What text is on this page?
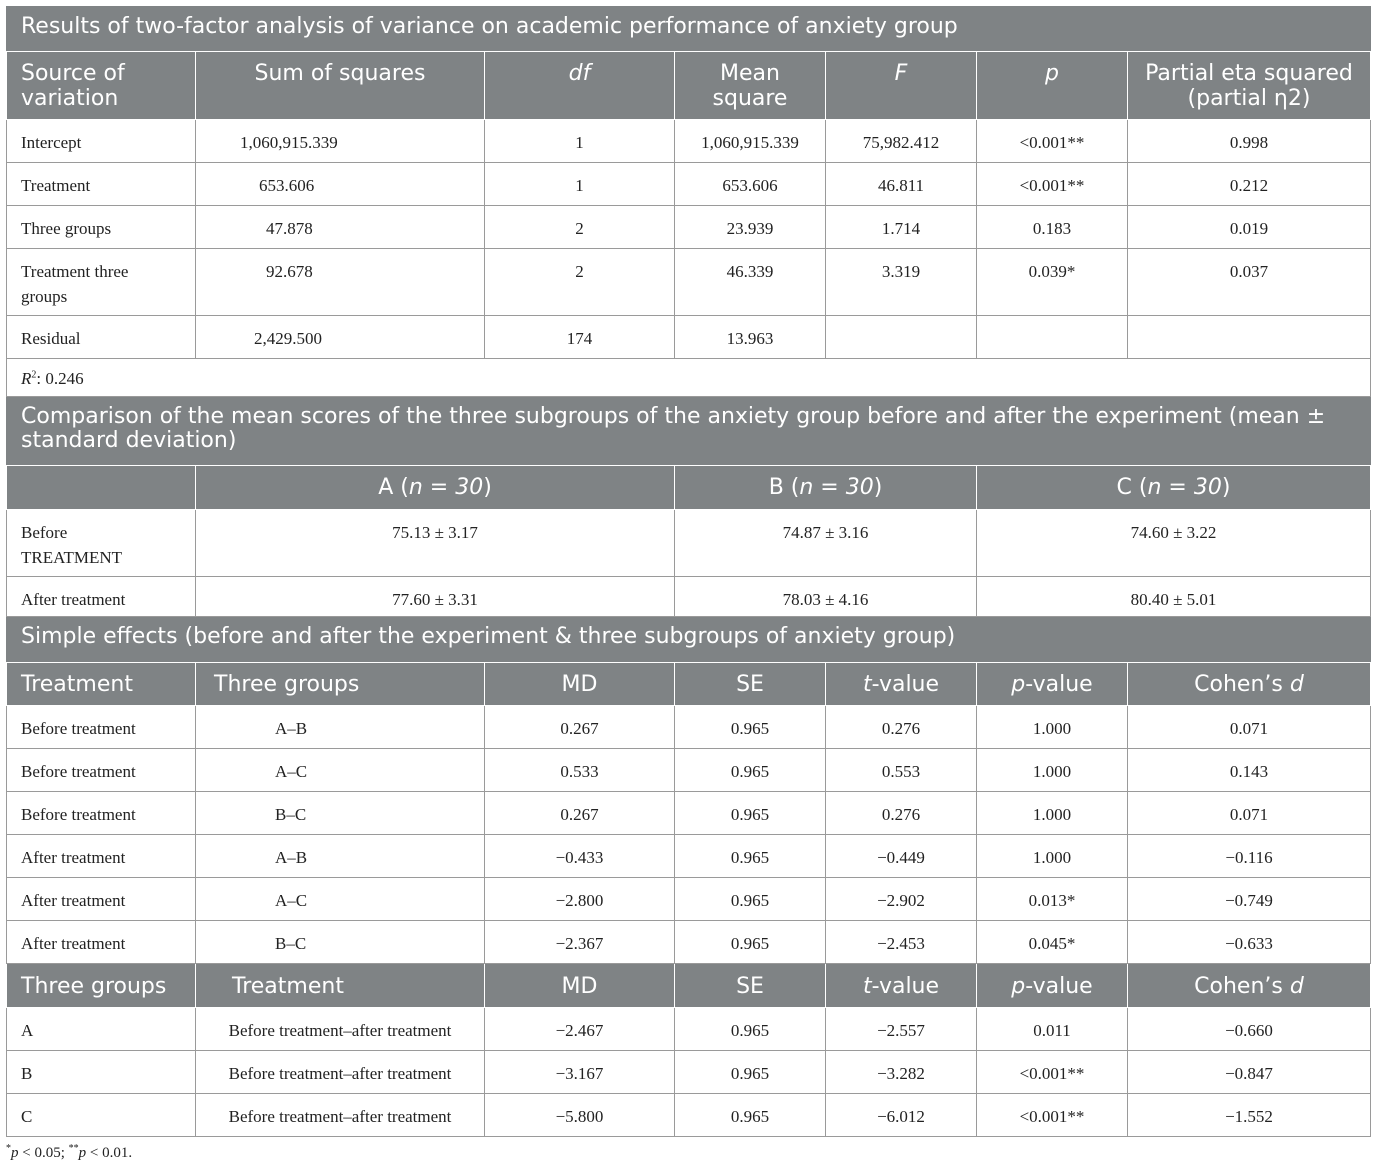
Results of two-factor analysis of variance on academic performance of anxiety group						
Source of variation	Sum of squares	df	Mean square	F	p	Partial eta squared (partial η2)
Intercept	1,060,915.339	1	1,060,915.339	75,982.412	<0.001**	0.998
Treatment	653.606	1	653.606	46.811	<0.001**	0.212
Three groups	47.878	2	23.939	1.714	0.183	0.019
Treatment three groups	92.678	2	46.339	3.319	0.039*	0.037
Residual	2,429.500	174	13.963			
$R^2$: 0.246						
Comparison of the mean scores of the three subgroups of the anxiety group before and after the experiment (mean ± standard deviation)						
	A (n = 30)		B (n = 30)		C (n = 30)	
Before TREATMENT	75.13 ± 3.17		74.87 ± 3.16		74.60 ± 3.22	
After treatment	77.60 ± 3.31		78.03 ± 4.16		80.40 ± 5.01	
Simple effects (before and after the experiment & three subgroups of anxiety group)						
Treatment	Three groups	MD	SE	t-value	p-value	Cohen’s d
Before treatment	A–B	0.267	0.965	0.276	1.000	0.071
Before treatment	A–C	0.533	0.965	0.553	1.000	0.143
Before treatment	B–C	0.267	0.965	0.276	1.000	0.071
After treatment	A–B	−0.433	0.965	−0.449	1.000	−0.116
After treatment	A–C	−2.800	0.965	−2.902	0.013*	−0.749
After treatment	B–C	−2.367	0.965	−2.453	0.045*	−0.633
Three groups	Treatment	MD	SE	t-value	p-value	Cohen’s d
A	Before treatment–after treatment	−2.467	0.965	−2.557	0.011	−0.660
B	Before treatment–after treatment	−3.167	0.965	−3.282	<0.001**	−0.847
C	Before treatment–after treatment	−5.800	0.965	−6.012	<0.001**	−1.552
*p < 0.05; **p < 0.01.
